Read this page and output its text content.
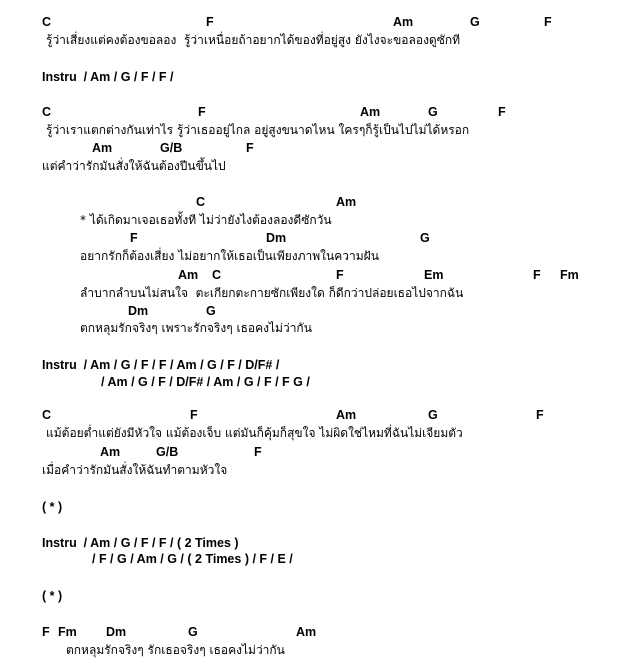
C	F	Am	G	F
รู้ว่าเสี่ยงแต่คงต้องขอลอง  รู้ว่าเหนื่อยถ้าอยากได้ของที่อยู่สูง ยังไงจะขอลองดูซักที
Instru  / Am / G / F / F /
C	F	Am	G	F
รู้ว่าเราแตกต่างกันเท่าไร รู้ว่าเธออยู่ไกล อยู่สูงขนาดไหน ใครๆก็รู้เป็นไปไม่ได้หรอก
Am	G/B	F
แต่คำว่ารักมันสั่งให้ฉันต้องปีนขึ้นไป
C	Am
* ได้เกิดมาเจอเธอทั้งที ไม่ว่ายังไงต้องลองดีซักวัน
F	Dm	G
อยากรักก็ต้องเสี่ยง ไม่อยากให้เธอเป็นเพียงภาพในความฝัน
Am C	F	Em	F Fm
ลำบากลำบนไม่สนใจ  ตะเกียกตะกายซักเพียงใด ก็ดีกว่าปล่อยเธอไปจากฉัน
Dm	G
ตกหลุมรักจริงๆ เพราะรักจริงๆ เธอคงไม่ว่ากัน
Instru  / Am / G / F / F / Am / G / F / D/F# /
/ Am / G / F / D/F# / Am / G / F / F G /
C	F	Am	G	F
แม้ต้อยต่ำแต่ยังมีหัวใจ แม้ต้องเจ็บ แต่มันก็คุ้มก็สุขใจ ไม่ผิดใช่ไหมที่ฉันไม่เจียมตัว
Am	G/B	F
เมื่อคำว่ารักมันสั่งให้ฉันทำตามหัวใจ
( * )
Instru  / Am / G / F / F / ( 2 Times )
/ F / G / Am / G / ( 2 Times ) / F / E /
( * )
F Fm Dm	G	Am
ตกหลุมรักจริงๆ รักเธอจริงๆ เธอคงไม่ว่ากัน
